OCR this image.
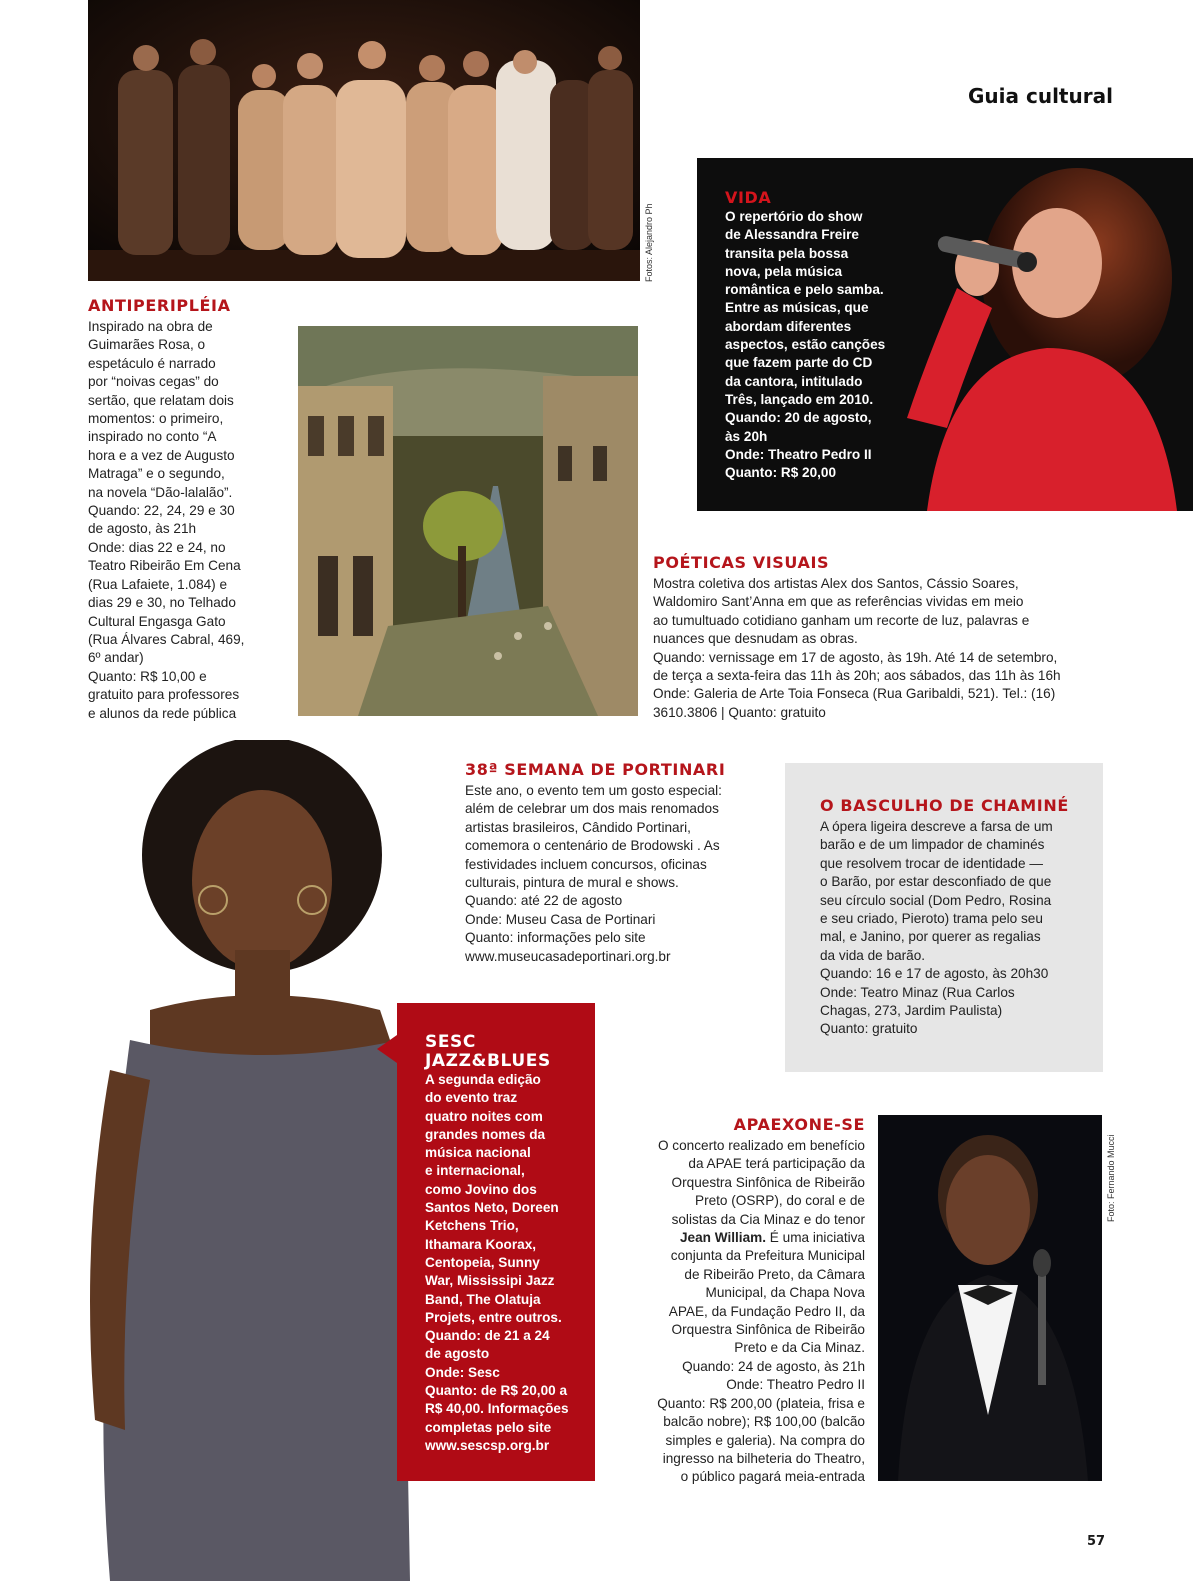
Guia cultural
Fotos: Alejandro Ph

ANTIPERIPLÉIA

Inspirado na obra de

Guimarães Rosa, o

espetáculo é narrado

por “noivas cegas” do

sertão, que relatam dois

momentos: o primeiro,

inspirado no conto “A

hora e a vez de Augusto

Matraga” e o segundo,

na novela “Dão-lalalão”.

Quando: 22, 24, 29 e 30

de agosto, às 21h

Onde: dias 22 e 24, no

Teatro Ribeirão Em Cena

(Rua Lafaiete, 1.084) e

dias 29 e 30, no Telhado

Cultural Engasga Gato

(Rua Álvares Cabral, 469,

6º andar)

Quanto: R$ 10,00 e

gratuito para professores

e alunos da rede pública

VIDA

O repertório do show

de Alessandra Freire

transita pela bossa

nova, pela música

romântica e pelo samba.

Entre as músicas, que

abordam diferentes

aspectos, estão canções

que fazem parte do CD

da cantora, intitulado

Três, lançado em 2010.

Quando: 20 de agosto,

às 20h

Onde: Theatro Pedro II

Quanto: R$ 20,00

POÉTICAS VISUAIS

Mostra coletiva dos artistas Alex dos Santos, Cássio Soares,

Waldomiro Sant’Anna em que as referências vividas em meio

ao tumultuado cotidiano ganham um recorte de luz, palavras e

nuances que desnudam as obras.

Quando: vernissage em 17 de agosto, às 19h. Até 14 de setembro,

de terça a sexta-feira das 11h às 20h; aos sábados, das 11h às 16h

Onde: Galeria de Arte Toia Fonseca (Rua Garibaldi, 521). Tel.: (16)

3610.3806 | Quanto: gratuito

38ª SEMANA DE PORTINARI

Este ano, o evento tem um gosto especial:

além de celebrar um dos mais renomados

artistas brasileiros, Cândido Portinari,

comemora o centenário de Brodowski . As

festividades incluem concursos, oficinas

culturais, pintura de mural e shows.

Quando: até 22 de agosto

Onde: Museu Casa de Portinari

Quanto: informações pelo site

www.museucasadeportinari.org.br

O BASCULHO DE CHAMINÉ

A ópera ligeira descreve a farsa de um

barão e de um limpador de chaminés

que resolvem trocar de identidade —

o Barão, por estar desconfiado de que

seu círculo social (Dom Pedro, Rosina

e seu criado, Pieroto) trama pelo seu

mal, e Janino, por querer as regalias

da vida de barão.

Quando: 16 e 17 de agosto, às 20h30

Onde: Teatro Minaz (Rua Carlos

Chagas, 273, Jardim Paulista)

Quanto: gratuito

SESC

JAZZ&BLUES

A segunda edição

do evento traz

quatro noites com

grandes nomes da

música nacional

e internacional,

como Jovino dos

Santos Neto, Doreen

Ketchens Trio,

Ithamara Koorax,

Centopeia, Sunny

War, Mississipi Jazz

Band, The Olatuja

Projets, entre outros.

Quando: de 21 a 24

de agosto

Onde: Sesc

Quanto: de R$ 20,00 a

R$ 40,00. Informações

completas pelo site

www.sescsp.org.br

APAEXONE-SE

O concerto realizado em benefício

da APAE terá participação da

Orquestra Sinfônica de Ribeirão

Preto (OSRP), do coral e de

solistas da Cia Minaz e do tenor

Jean William. É uma iniciativa

conjunta da Prefeitura Municipal

de Ribeirão Preto, da Câmara

Municipal, da Chapa Nova

APAE, da Fundação Pedro II, da

Orquestra Sinfônica de Ribeirão

Preto e da Cia Minaz.

Quando: 24 de agosto, às 21h

Onde: Theatro Pedro II

Quanto: R$ 200,00 (plateia, frisa e

balcão nobre); R$ 100,00 (balcão

simples e galeria). Na compra do

ingresso na bilheteria do Theatro,

o público pagará meia-entrada

Foto: Fernando Mucci
57
